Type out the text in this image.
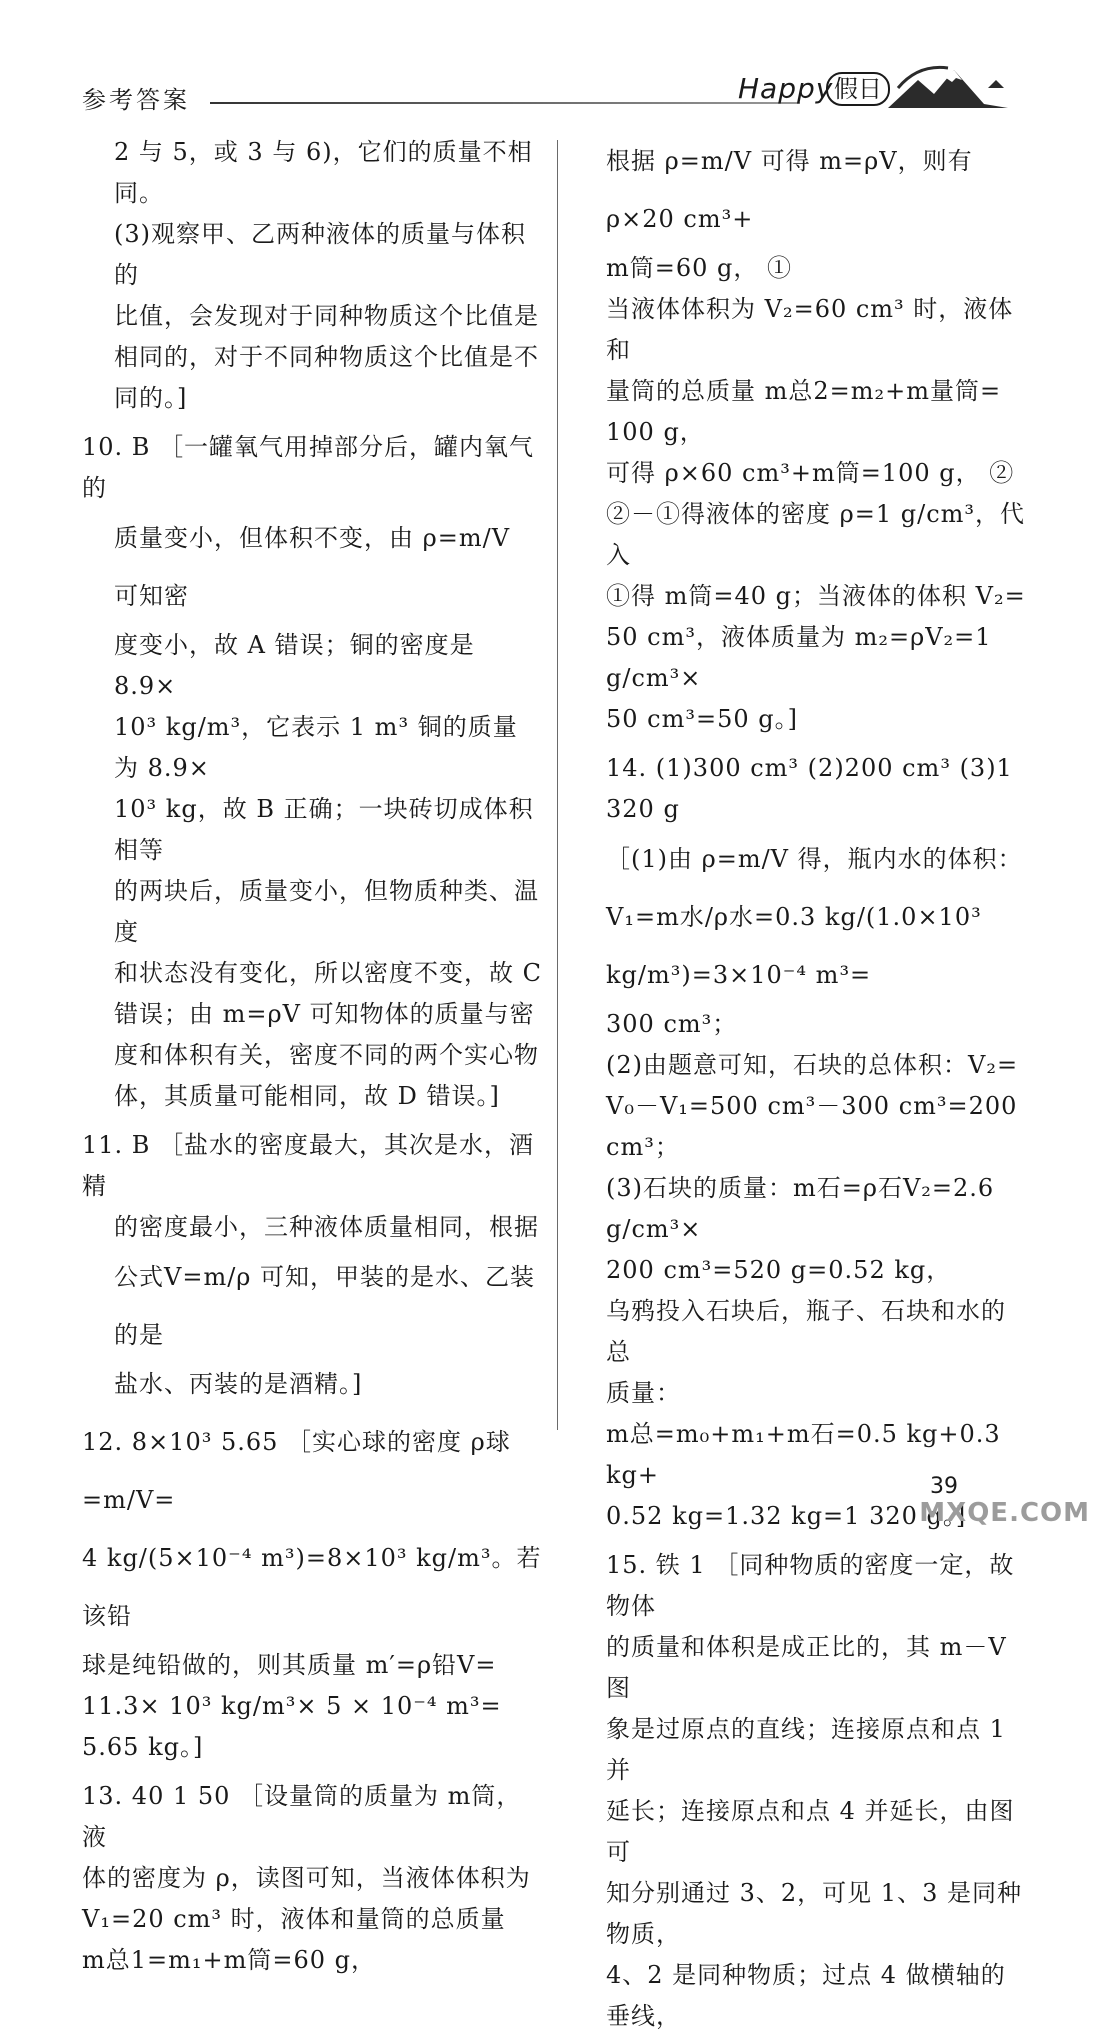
参考答案	Happy 假日

2 与 5，或 3 与 6)，它们的质量不相同。

(3)观察甲、乙两种液体的质量与体积的

比值，会发现对于同种物质这个比值是

相同的，对于不同种物质这个比值是不

同的。]

10. B ［一罐氧气用掉部分后，罐内氧气的

质量变小，但体积不变，由 ρ=m/V 可知密

度变小，故 A 错误；铜的密度是 8.9×

10³ kg/m³，它表示 1 m³ 铜的质量为 8.9×

10³ kg，故 B 正确；一块砖切成体积相等

的两块后，质量变小，但物质种类、温度

和状态没有变化，所以密度不变，故 C

错误；由 m=ρV 可知物体的质量与密

度和体积有关，密度不同的两个实心物

体，其质量可能相同，故 D 错误。]

11. B ［盐水的密度最大，其次是水，酒精

的密度最小，三种液体质量相同，根据

公式V=m/ρ 可知，甲装的是水、乙装的是

盐水、丙装的是酒精。]

12. 8×10³ 5.65 ［实心球的密度 ρ球=m/V=

4 kg/(5×10⁻⁴ m³)=8×10³ kg/m³。若该铅

球是纯铅做的，则其质量 m′=ρ铅V=

11.3× 10³ kg/m³× 5 × 10⁻⁴ m³=

5.65 kg。]

13. 40 1 50 ［设量筒的质量为 m筒，液

体的密度为 ρ，读图可知，当液体体积为

V₁=20 cm³ 时，液体和量筒的总质量

m总1=m₁+m筒=60 g，

根据 ρ=m/V 可得 m=ρV，则有 ρ×20 cm³+

m筒=60 g， ①

当液体体积为 V₂=60 cm³ 时，液体和

量筒的总质量 m总2=m₂+m量筒=

100 g，

可得 ρ×60 cm³+m筒=100 g， ②

②－①得液体的密度 ρ=1 g/cm³，代入

①得 m筒=40 g；当液体的体积 V₂=

50 cm³，液体质量为 m₂=ρV₂=1 g/cm³×

50 cm³=50 g。]

14. (1)300 cm³ (2)200 cm³ (3)1 320 g

［(1)由 ρ=m/V 得，瓶内水的体积：

V₁=m水/ρ水=0.3 kg/(1.0×10³ kg/m³)=3×10⁻⁴ m³=

300 cm³；

(2)由题意可知，石块的总体积：V₂=

V₀－V₁=500 cm³－300 cm³=200 cm³；

(3)石块的质量：m石=ρ石V₂=2.6 g/cm³×

200 cm³=520 g=0.52 kg，

乌鸦投入石块后，瓶子、石块和水的总

质量：

m总=m₀+m₁+m石=0.5 kg+0.3 kg+

0.52 kg=1.32 kg=1 320 g。]

15. 铁 1 ［同种物质的密度一定，故物体

的质量和体积是成正比的，其 m－V 图

象是过原点的直线；连接原点和点 1 并

延长；连接原点和点 4 并延长，由图可

知分别通过 3、2，可见 1、3 是同种物质，

4、2 是同种物质；过点 4 做横轴的垂线，

39
MXQE.COM
